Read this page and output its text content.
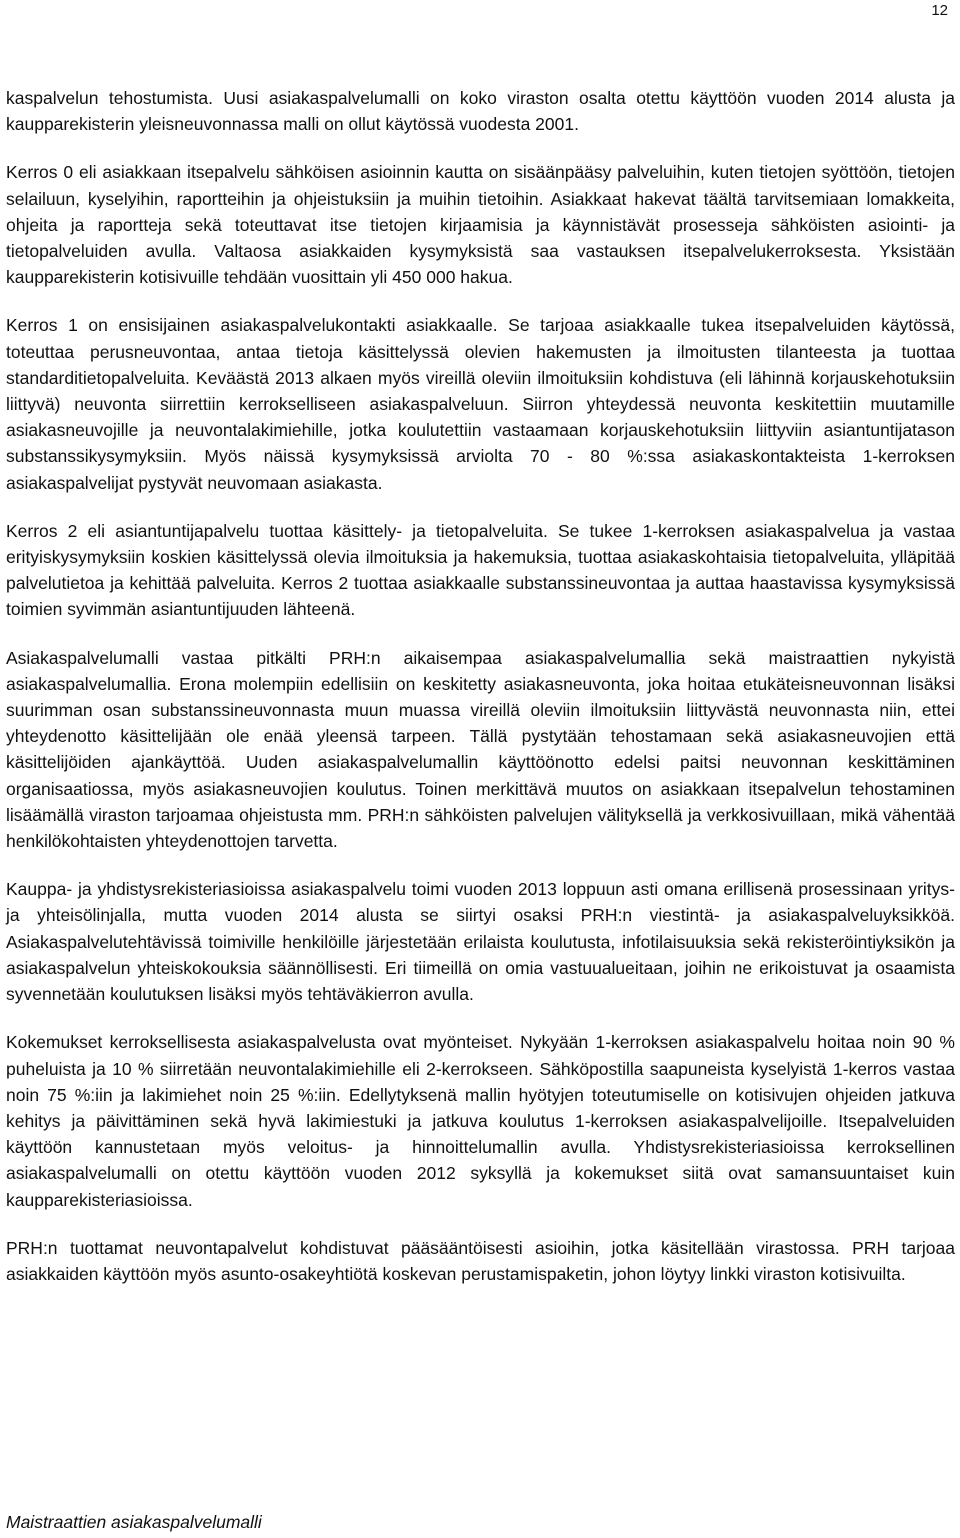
12

kaspalvelun tehostumista. Uusi asiakaspalvelumalli on koko viraston osalta otettu käyttöön vuoden 2014 alusta ja kaupparekisterin yleisneuvonnassa malli on ollut käytössä vuodesta 2001.

Kerros 0 eli asiakkaan itsepalvelu sähköisen asioinnin kautta on sisäänpääsy palveluihin, kuten tietojen syöttöön, tietojen selailuun, kyselyihin, raportteihin ja ohjeistuksiin ja muihin tietoihin. Asiakkaat hakevat täältä tarvitsemiaan lomakkeita, ohjeita ja raportteja sekä toteuttavat itse tietojen kirjaamisia ja käynnistävät prosesseja sähköisten asiointi- ja tietopalveluiden avulla. Valtaosa asiakkaiden kysymyksistä saa vastauksen itsepalvelukerroksesta. Yksistään kaupparekisterin kotisivuille tehdään vuosittain yli 450 000 hakua.

Kerros 1 on ensisijainen asiakaspalvelukontakti asiakkaalle. Se tarjoaa asiakkaalle tukea itsepalveluiden käytössä, toteuttaa perusneuvontaa, antaa tietoja käsittelyssä olevien hakemusten ja ilmoitusten tilanteesta ja tuottaa standarditietopalveluita. Keväästä 2013 alkaen myös vireillä oleviin ilmoituksiin kohdistuva (eli lähinnä korjauskehotuksiin liittyvä) neuvonta siirrettiin kerrokselliseen asiakaspalveluun. Siirron yhteydessä neuvonta keskitettiin muutamille asiakasneuvojille ja neuvontalakimiehille, jotka koulutettiin vastaamaan korjauskehotuksiin liittyviin asiantuntijatason substanssikysymyksiin. Myös näissä kysymyksissä arviolta 70 - 80 %:ssa asiakaskontakteista 1-kerroksen asiakaspalvelijat pystyvät neuvomaan asiakasta.

Kerros 2 eli asiantuntijapalvelu tuottaa käsittely- ja tietopalveluita. Se tukee 1-kerroksen asiakaspalvelua ja vastaa erityiskysymyksiin koskien käsittelyssä olevia ilmoituksia ja hakemuksia, tuottaa asiakaskohtaisia tietopalveluita, ylläpitää palvelutietoa ja kehittää palveluita. Kerros 2 tuottaa asiakkaalle substanssineuvontaa ja auttaa haastavissa kysymyksissä toimien syvimmän asiantuntijuuden lähteenä.

Asiakaspalvelumalli vastaa pitkälti PRH:n aikaisempaa asiakaspalvelumallia sekä maistraattien nykyistä asiakaspalvelumallia. Erona molempiin edellisiin on keskitetty asiakasneuvonta, joka hoitaa etukäteisneuvonnan lisäksi suurimman osan substanssineuvonnasta muun muassa vireillä oleviin ilmoituksiin liittyvästä neuvonnasta niin, ettei yhteydenotto käsittelijään ole enää yleensä tarpeen. Tällä pystytään tehostamaan sekä asiakasneuvojien että käsittelijöiden ajankäyttöä. Uuden asiakaspalvelumallin käyttöönotto edelsi paitsi neuvonnan keskittäminen organisaatiossa, myös asiakasneuvojien koulutus. Toinen merkittävä muutos on asiakkaan itsepalvelun tehostaminen lisäämällä viraston tarjoamaa ohjeistusta mm. PRH:n sähköisten palvelujen välityksellä ja verkkosivuillaan, mikä vähentää henkilökohtaisten yhteydenottojen tarvetta.

Kauppa- ja yhdistysrekisteriasioissa asiakaspalvelu toimi vuoden 2013 loppuun asti omana erillisenä prosessinaan yritys- ja yhteisölinjalla, mutta vuoden 2014 alusta se siirtyi osaksi PRH:n viestintä- ja asiakaspalveluyksikköä. Asiakaspalvelutehtävissä toimiville henkilöille järjestetään erilaista koulutusta, infotilaisuuksia sekä rekisteröintiyksikön ja asiakaspalvelun yhteiskokouksia säännöllisesti. Eri tiimeillä on omia vastuualueitaan, joihin ne erikoistuvat ja osaamista syvennetään koulutuksen lisäksi myös tehtäväkierron avulla.

Kokemukset kerroksellisesta asiakaspalvelusta ovat myönteiset. Nykyään 1-kerroksen asiakaspalvelu hoitaa noin 90 % puheluista ja 10 % siirretään neuvontalakimiehille eli 2-kerrokseen. Sähköpostilla saapuneista kyselyistä 1-kerros vastaa noin 75 %:iin ja lakimiehet noin 25 %:iin. Edellytyksenä mallin hyötyjen toteutumiselle on kotisivujen ohjeiden jatkuva kehitys ja päivittäminen sekä hyvä lakimiestuki ja jatkuva koulutus 1-kerroksen asiakaspalvelijoille. Itsepalveluiden käyttöön kannustetaan myös veloitus- ja hinnoittelumallin avulla. Yhdistysrekisteriasioissa kerroksellinen asiakaspalvelumalli on otettu käyttöön vuoden 2012 syksyllä ja kokemukset siitä ovat samansuuntaiset kuin kaupparekisteriasioissa.

PRH:n tuottamat neuvontapalvelut kohdistuvat pääsääntöisesti asioihin, jotka käsitellään virastossa. PRH tarjoaa asiakkaiden käyttöön myös asunto-osakeyhtiötä koskevan perustamispaketin, johon löytyy linkki viraston kotisivuilta.

Maistraattien asiakaspalvelumalli
